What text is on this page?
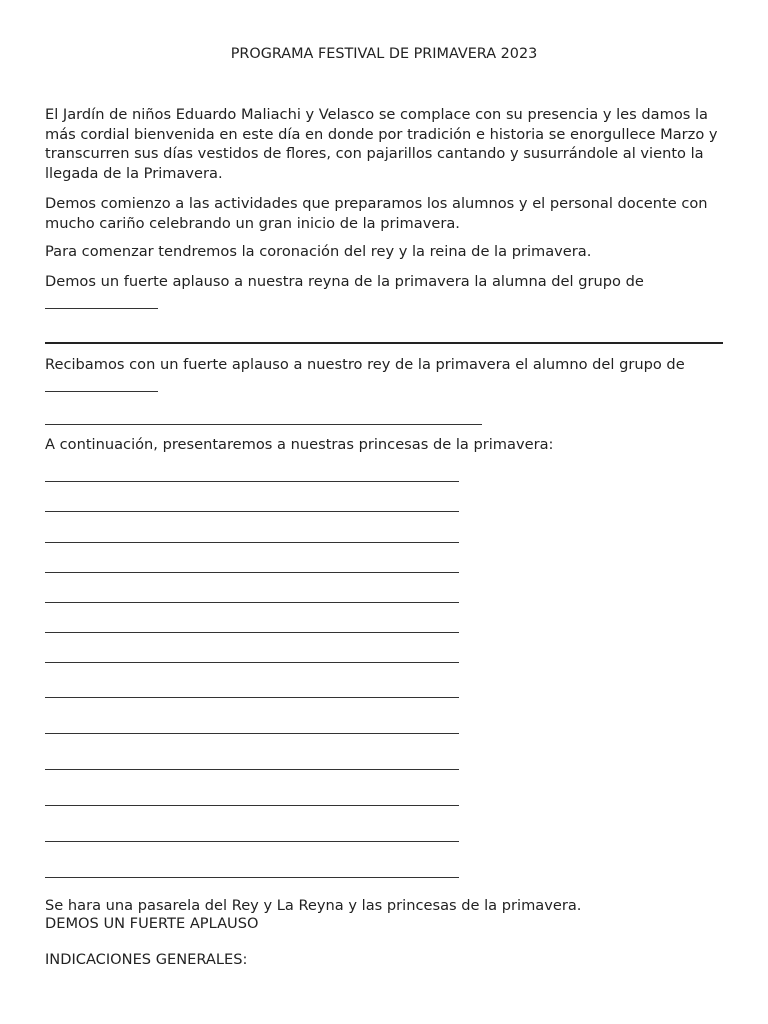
PROGRAMA FESTIVAL DE PRIMAVERA 2023

El Jardín de niños Eduardo Maliachi y Velasco se complace con su presencia y les damos la más cordial bienvenida en este día en donde por tradición e historia se enorgullece Marzo y transcurren sus días vestidos de flores, con pajarillos cantando y susurrándole al viento la llegada de la Primavera.

Demos comienzo a las actividades que preparamos los alumnos y el personal docente con mucho cariño celebrando un gran inicio de la primavera.

Para comenzar tendremos la coronación del rey y la reina de la primavera.

Demos un fuerte aplauso a nuestra reyna de la primavera la alumna del grupo de

Recibamos con un fuerte aplauso a nuestro rey de la primavera el alumno del grupo de

A continuación, presentaremos a nuestras princesas de la primavera:

Se hara una pasarela del Rey y La Reyna y las princesas de la primavera.

DEMOS UN FUERTE APLAUSO

INDICACIONES GENERALES:
